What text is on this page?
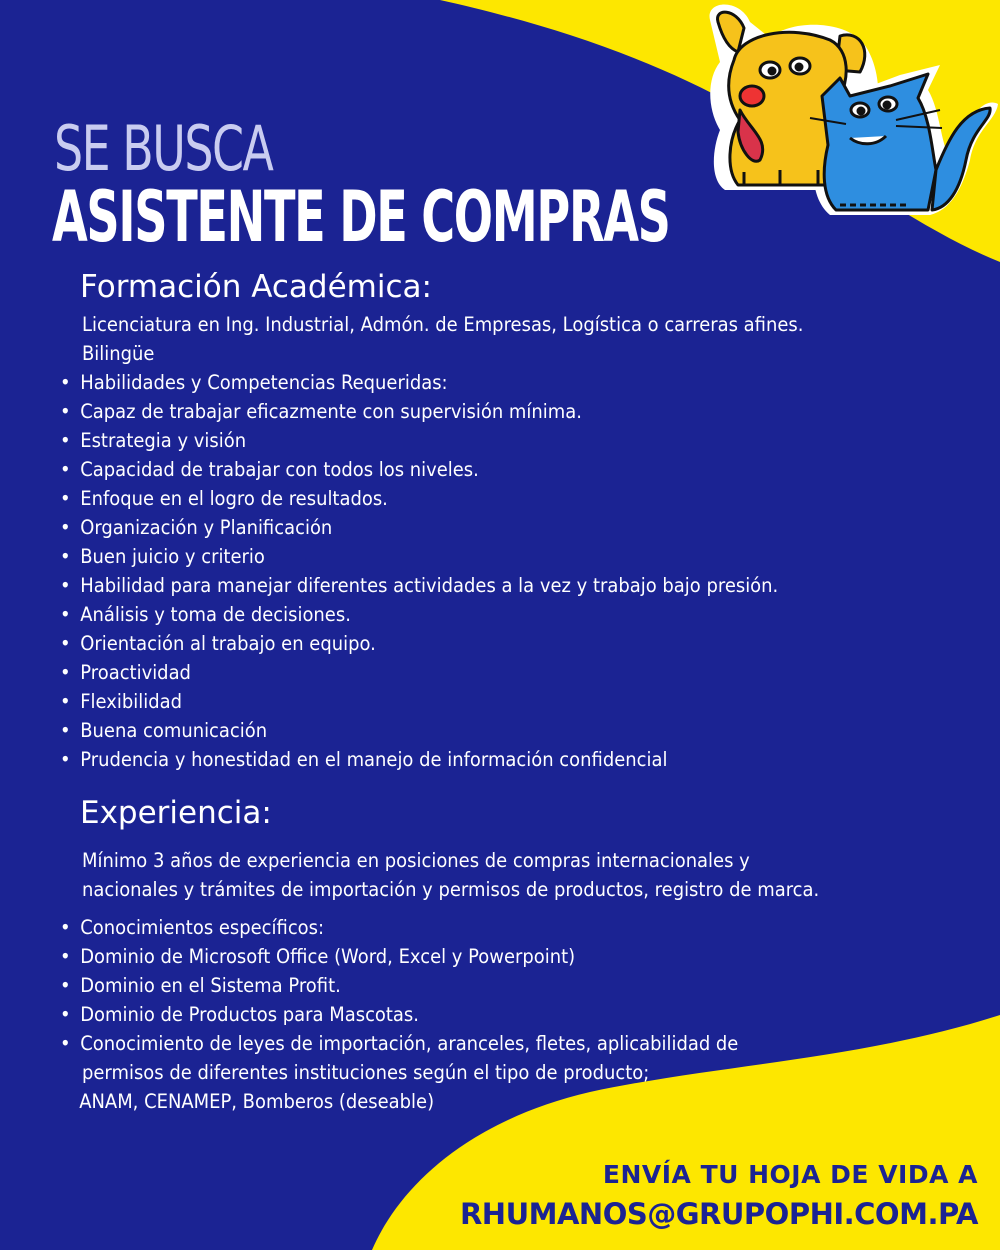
SE BUSCA
ASISTENTE DE COMPRAS
Formación Académica:
Licenciatura en Ing. Industrial, Admón. de Empresas, Logística o carreras afines.
Bilingüe
• Habilidades y Competencias Requeridas:
• Capaz de trabajar eficazmente con supervisión mínima.
• Estrategia y visión
• Capacidad de trabajar con todos los niveles.
• Enfoque en el logro de resultados.
• Organización y Planificación
• Buen juicio y criterio
• Habilidad para manejar diferentes actividades a la vez y trabajo bajo presión.
• Análisis y toma de decisiones.
• Orientación al trabajo en equipo.
• Proactividad
• Flexibilidad
• Buena comunicación
• Prudencia y honestidad en el manejo de información confidencial
Experiencia:
Mínimo 3 años de experiencia en posiciones de compras internacionales y
nacionales y trámites de importación y permisos de productos, registro de marca.
• Conocimientos específicos:
• Dominio de Microsoft Office (Word, Excel y Powerpoint)
• Dominio en el Sistema Profit.
• Dominio de Productos para Mascotas.
• Conocimiento de leyes de importación, aranceles, fletes, aplicabilidad de
permisos de diferentes instituciones según el tipo de producto;
ANAM, CENAMEP, Bomberos (deseable)
ENVÍA TU HOJA DE VIDA A
RHUMANOS@GRUPOPHI.COM.PA
